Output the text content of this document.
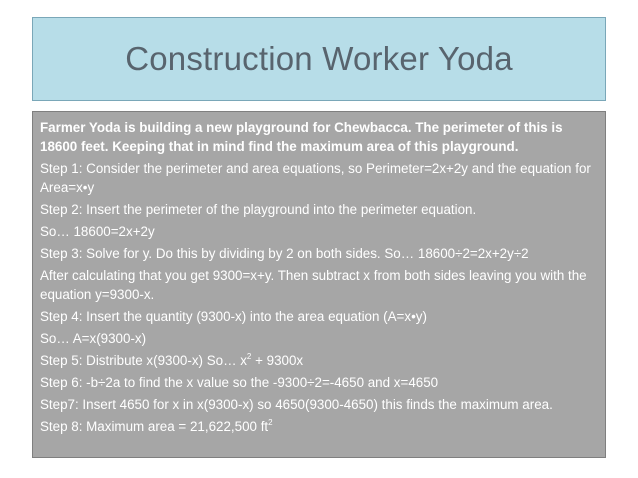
Construction Worker Yoda

Farmer Yoda is building a new playground for Chewbacca. The perimeter of this is 18600 feet. Keeping that in mind find the maximum area of this playground.

Step 1: Consider the perimeter and area equations, so Perimeter=2x+2y and the equation for Area=x•y

Step 2: Insert the perimeter of the playground into the perimeter equation.

So… 18600=2x+2y

Step 3: Solve for y. Do this by dividing by 2 on both sides. So… 18600÷2=2x+2y÷2

After calculating that you get 9300=x+y. Then subtract x from both sides leaving you with the equation y=9300-x.

Step 4: Insert the quantity (9300-x) into the area equation (A=x•y)

So… A=x(9300-x)

Step 5: Distribute x(9300-x) So… $x^2 + 9300x$

Step 6: -b÷2a to find the x value so the -9300÷2=-4650 and x=4650

Step7: Insert 4650 for x in x(9300-x) so 4650(9300-4650) this finds the maximum area.

Step 8: Maximum area = 21,622,500 $ft^2$
